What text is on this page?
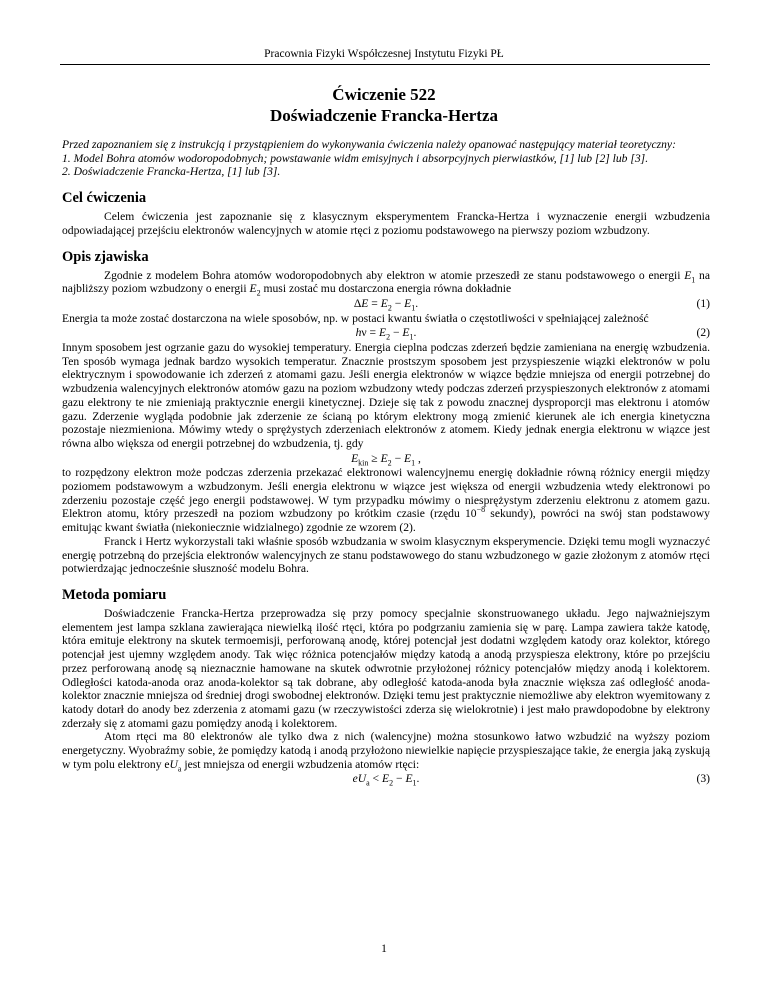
Pracownia Fizyki Współczesnej Instytutu Fizyki PŁ
Ćwiczenie 522
Doświadczenie Francka-Hertza

Przed zapoznaniem się z instrukcją i przystąpieniem do wykonywania ćwiczenia należy opanować następujący materiał teoretyczny:

1. Model Bohra atomów wodoropodobnych; powstawanie widm emisyjnych i absorpcyjnych pierwiastków, [1] lub [2] lub [3].

2. Doświadczenie Francka-Hertza, [1] lub [3].

Cel ćwiczenia

Celem ćwiczenia jest zapoznanie się z klasycznym eksperymentem Francka-Hertza i wyznaczenie energii wzbudzenia odpowiadającej przejściu elektronów walencyjnych w atomie rtęci z poziomu podstawowego na pierwszy poziom wzbudzony.

Opis zjawiska

Zgodnie z modelem Bohra atomów wodoropodobnych aby elektron w atomie przeszedł ze stanu podstawowego o energii $E_1$ na najbliższy poziom wzbudzony o energii $E_2$ musi zostać mu dostarczona energia równa dokładnie

$\Delta E = E_2 - E_1$.	(1)

Energia ta może zostać dostarczona na wiele sposobów, np. w postaci kwantu światła o częstotliwości ν spełniającej zależność

$h\nu = E_2 - E_1$.	(2)

Innym sposobem jest ogrzanie gazu do wysokiej temperatury. Energia cieplna podczas zderzeń będzie zamieniana na energię wzbudzenia. Ten sposób wymaga jednak bardzo wysokich temperatur. Znacznie prostszym sposobem jest przyspieszenie wiązki elektronów w polu elektrycznym i spowodowanie ich zderzeń z atomami gazu. Jeśli energia elektronów w wiązce będzie mniejsza od energii potrzebnej do wzbudzenia walencyjnych elektronów atomów gazu na poziom wzbudzony wtedy podczas zderzeń przyspieszonych elektronów z atomami gazu elektrony te nie zmieniają praktycznie energii kinetycznej. Dzieje się tak z powodu znacznej dysproporcji mas elektronu i atomów gazu. Zderzenie wygląda podobnie jak zderzenie ze ścianą po którym elektrony mogą zmienić kierunek ale ich energia kinetyczna pozostaje niezmieniona. Mówimy wtedy o sprężystych zderzeniach elektronów z atomem. Kiedy jednak energia elektronu w wiązce jest równa albo większa od energii potrzebnej do wzbudzenia, tj. gdy

$E_{kin} \ge E_2 - E_1$ ,

to rozpędzony elektron może podczas zderzenia przekazać elektronowi walencyjnemu energię dokładnie równą różnicy energii między poziomem podstawowym a wzbudzonym. Jeśli energia elektronu w wiązce jest większa od energii wzbudzenia wtedy elektronowi po zderzeniu pozostaje część jego energii podstawowej. W tym przypadku mówimy o niesprężystym zderzeniu elektronu z atomem gazu. Elektron atomu, który przeszedł na poziom wzbudzony po krótkim czasie (rzędu $10^{-8}$ sekundy), powróci na swój stan podstawowy emitując kwant światła (niekoniecznie widzialnego) zgodnie ze wzorem (2).

Franck i Hertz wykorzystali taki właśnie sposób wzbudzania w swoim klasycznym eksperymencie. Dzięki temu mogli wyznaczyć energię potrzebną do przejścia elektronów walencyjnych ze stanu podstawowego do stanu wzbudzonego w gazie złożonym z atomów rtęci potwierdzając jednocześnie słuszność modelu Bohra.

Metoda pomiaru

Doświadczenie Francka-Hertza przeprowadza się przy pomocy specjalnie skonstruowanego układu. Jego najważniejszym elementem jest lampa szklana zawierająca niewielką ilość rtęci, która po podgrzaniu zamienia się w parę. Lampa zawiera także katodę, która emituje elektrony na skutek termoemisji, perforowaną anodę, której potencjał jest dodatni względem katody oraz kolektor, którego potencjał jest ujemny względem anody. Tak więc różnica potencjałów między katodą a anodą przyspiesza elektrony, które po przejściu przez perforowaną anodę są nieznacznie hamowane na skutek odwrotnie przyłożonej różnicy potencjałów między anodą i kolektorem. Odległości katoda-anoda oraz anoda-kolektor są tak dobrane, aby odległość katoda-anoda była znacznie większa zaś odległość anoda-kolektor znacznie mniejsza od średniej drogi swobodnej elektronów. Dzięki temu jest praktycznie niemożliwe aby elektron wyemitowany z katody dotarł do anody bez zderzenia z atomami gazu (w rzeczywistości zderza się wielokrotnie) i jest mało prawdopodobne by elektrony zderzały się z atomami gazu pomiędzy anodą i kolektorem.

Atom rtęci ma 80 elektronów ale tylko dwa z nich (walencyjne) można stosunkowo łatwo wzbudzić na wyższy poziom energetyczny. Wyobraźmy sobie, że pomiędzy katodą i anodą przyłożono niewielkie napięcie przyspieszające takie, że energia jaką zyskują w tym polu elektrony $eU_a$ jest mniejsza od energii wzbudzenia atomów rtęci:

$eU_a < E_2 - E_1$.	(3)
1
